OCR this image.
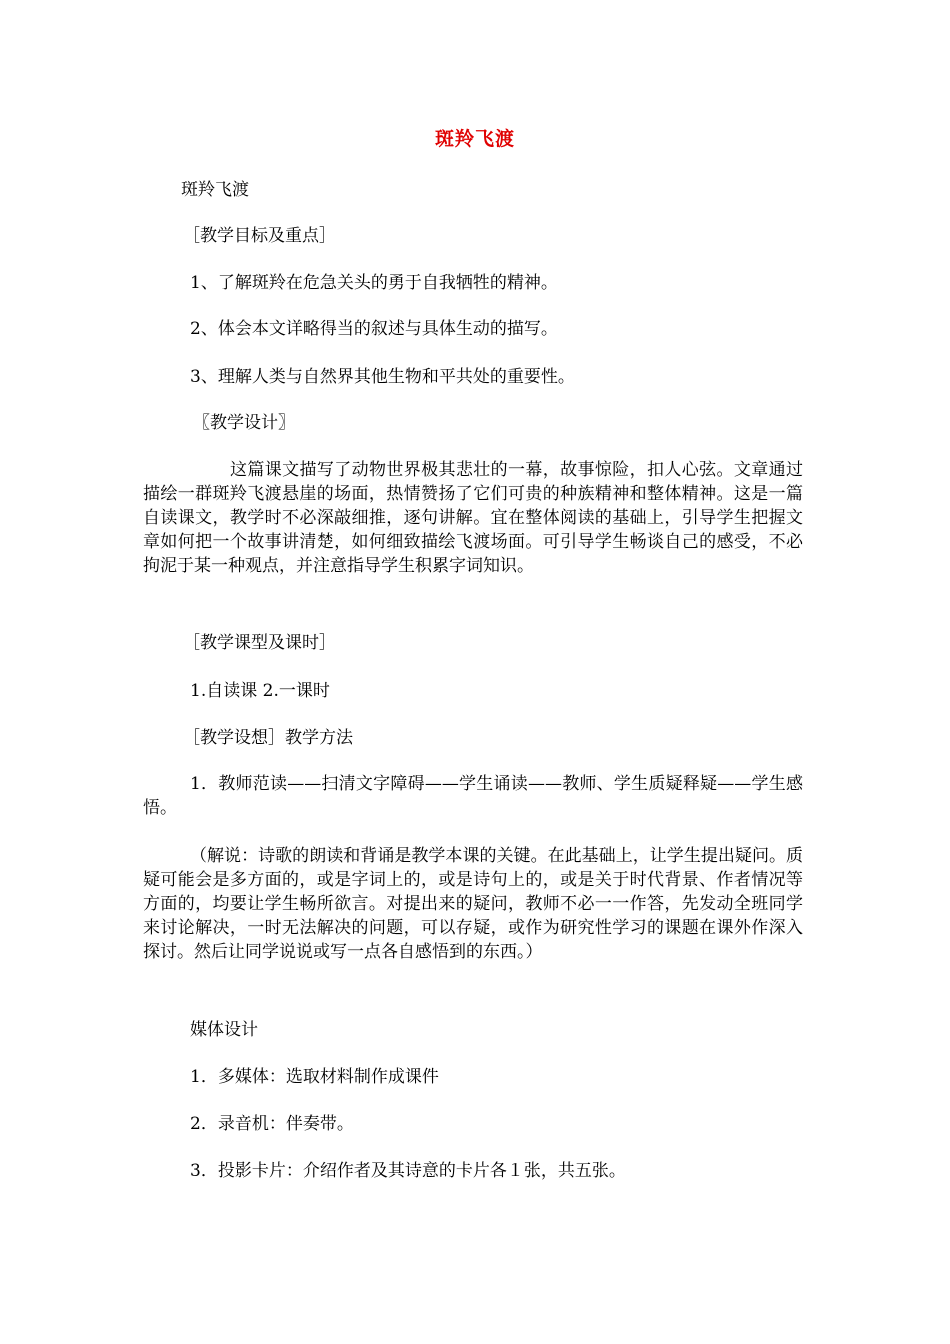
斑羚飞渡
斑羚飞渡
［教学目标及重点］
1、了解斑羚在危急关头的勇于自我牺牲的精神。
2、体会本文详略得当的叙述与具体生动的描写。
3、理解人类与自然界其他生物和平共处的重要性。
〖教学设计〗
这篇课文描写了动物世界极其悲壮的一幕，故事惊险，扣人心弦。文章通过描绘一群斑羚飞渡悬崖的场面，热情赞扬了它们可贵的种族精神和整体精神。这是一篇自读课文，教学时不必深敲细推，逐句讲解。宜在整体阅读的基础上，引导学生把握文章如何把一个故事讲清楚，如何细致描绘飞渡场面。可引导学生畅谈自己的感受，不必拘泥于某一种观点，并注意指导学生积累字词知识。
［教学课型及课时］
1.自读课 2.一课时
［教学设想］教学方法
1．教师范读——扫清文字障碍——学生诵读——教师、学生质疑释疑——学生感悟。
（解说：诗歌的朗读和背诵是教学本课的关键。在此基础上，让学生提出疑问。质疑可能会是多方面的，或是字词上的，或是诗句上的，或是关于时代背景、作者情况等方面的，均要让学生畅所欲言。对提出来的疑问，教师不必一一作答，先发动全班同学来讨论解决，一时无法解决的问题，可以存疑，或作为研究性学习的课题在课外作深入探讨。然后让同学说说或写一点各自感悟到的东西。）
媒体设计
1．多媒体：选取材料制作成课件
2．录音机：伴奏带。
3．投影卡片：介绍作者及其诗意的卡片各１张，共五张。
